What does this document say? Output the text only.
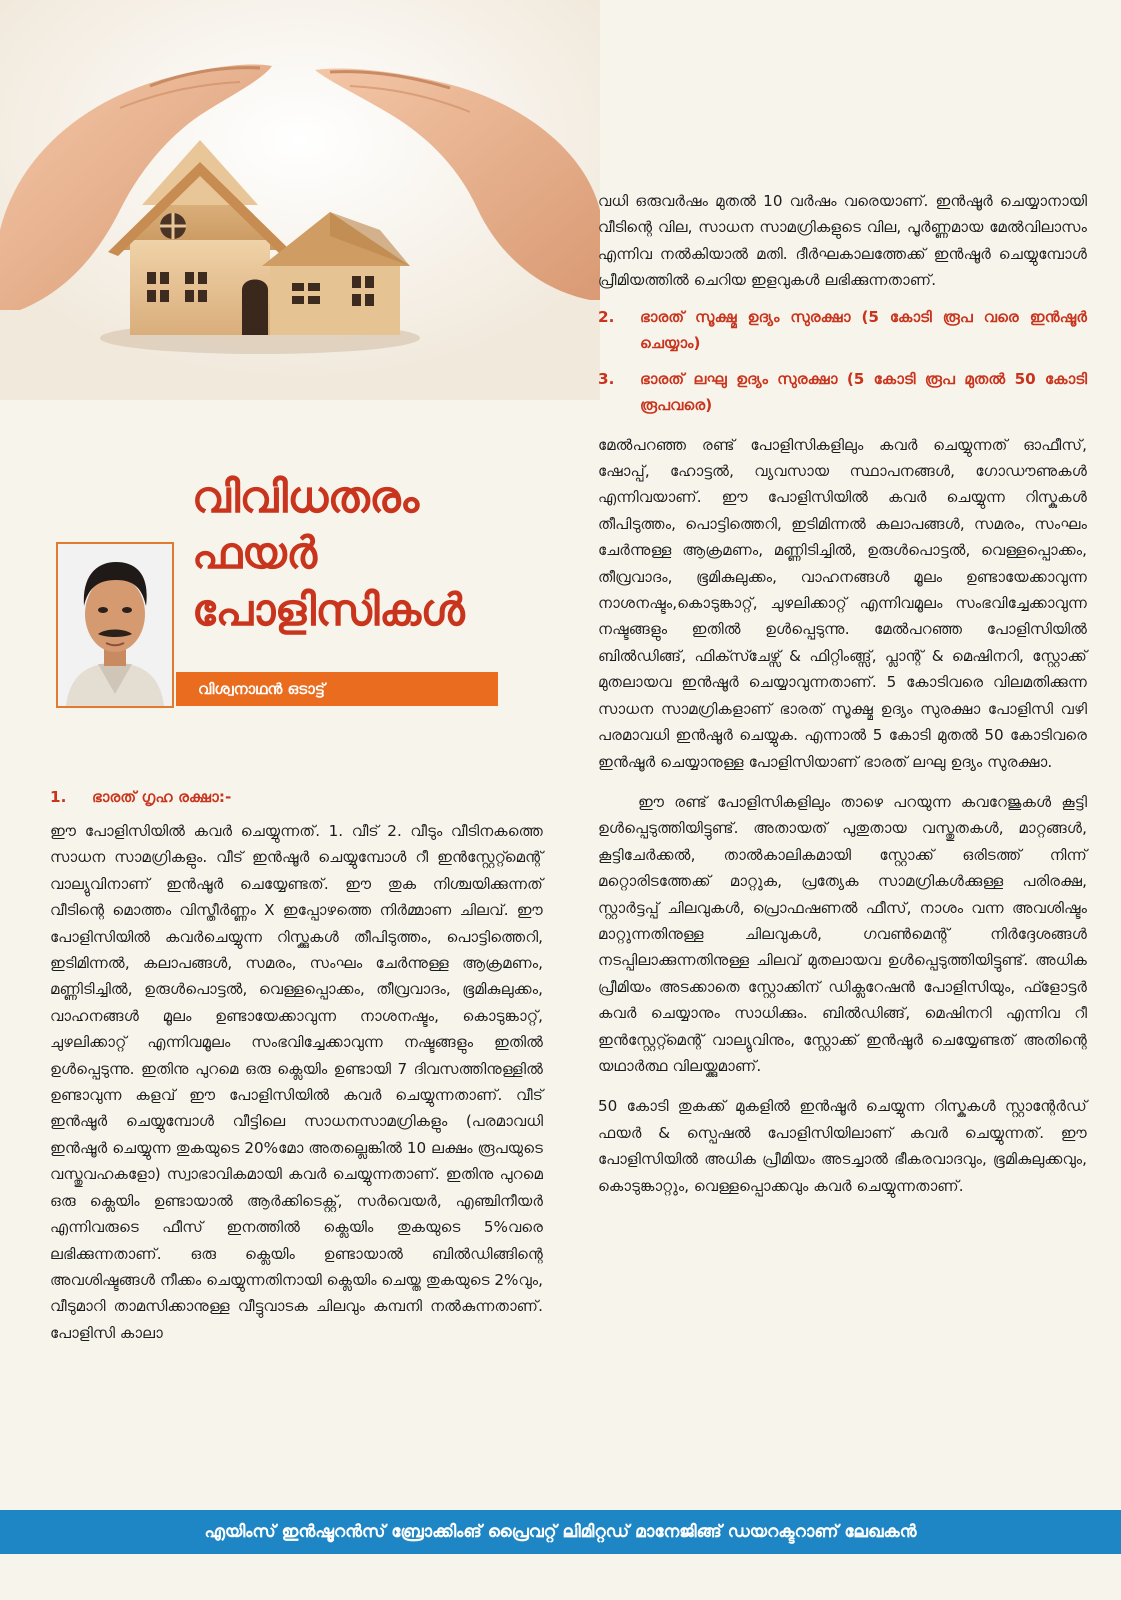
വിവിധതരം
ഫയർ
പോളിസികൾ
വിശ്വനാഥൻ ഒടാട്ട്
1.	ഭാരത് ഗൃഹ രക്ഷാ:-

ഈ പോളിസിയിൽ കവർ ചെയ്യുന്നത്. 1. വീട് 2. വീടും വീടിനകത്തെ സാധന സാമഗ്രികളും. വീട് ഇൻഷൂർ ചെയ്യുമ്പോൾ റീ ഇൻസ്റ്റേറ്റ്മെന്റ് വാല്യുവിനാണ് ഇൻഷൂർ ചെയ്യേണ്ടത്. ഈ തുക നിശ്ചയിക്കുന്നത് വീടിന്റെ മൊത്തം വിസ്തീർണ്ണം X ഇപ്പോഴത്തെ നിർമ്മാണ ചിലവ്. ഈ പോളിസിയിൽ കവർചെയ്യുന്ന റിസ്ക്കുകൾ തീപിടുത്തം, പൊട്ടിത്തെറി, ഇടിമിന്നൽ, കലാപങ്ങൾ, സമരം, സംഘം ചേർന്നുള്ള ആക്രമണം, മണ്ണിടിച്ചിൽ, ഉരുൾപൊട്ടൽ, വെള്ളപ്പൊക്കം, തീവ്രവാദം, ഭൂമികുലുക്കം, വാഹനങ്ങൾ മൂലം ഉണ്ടായേക്കാവുന്ന നാശനഷ്ടം, കൊടുങ്കാറ്റ്, ചുഴലിക്കാറ്റ് എന്നിവമൂലം സംഭവിച്ചേക്കാവുന്ന നഷ്ടങ്ങളും ഇതിൽ ഉൾപ്പെടുന്നു. ഇതിനു പുറമെ ഒരു ക്ലെയിം ഉണ്ടായി 7 ദിവസത്തിനുള്ളിൽ ഉണ്ടാവുന്ന കളവ് ഈ പോളിസിയിൽ കവർ ചെയ്യുന്നതാണ്. വീട് ഇൻഷൂർ ചെയ്യുമ്പോൾ വീട്ടിലെ സാധനസാമഗ്രികളും (പരമാവധി ഇൻഷൂർ ചെയ്യുന്ന തുകയുടെ 20%മോ അതല്ലെങ്കിൽ 10 ലക്ഷം രൂപയുടെ വസ്തുവഹകളോ) സ്വാഭാവികമായി കവർ ചെയ്യുന്നതാണ്. ഇതിനു പുറമെ ഒരു ക്ലെയിം ഉണ്ടായാൽ ആർക്കിടെക്റ്റ്, സർവെയർ, എഞ്ചിനീയർ എന്നിവരുടെ ഫീസ് ഇനത്തിൽ ക്ലെയിം തുകയുടെ 5%വരെ ലഭിക്കുന്നതാണ്. ഒരു ക്ലെയിം ഉണ്ടായാൽ ബിൽഡിങ്ങിന്റെ അവശിഷ്ടങ്ങൾ നീക്കം ചെയ്യുന്നതിനായി ക്ലെയിം ചെയ്ത തുകയുടെ 2%വും, വീടുമാറി താമസിക്കാനുള്ള വീട്ടുവാടക ചിലവും കമ്പനി നൽകുന്നതാണ്. പോളിസി കാലാ

വധി ഒരുവർഷം മുതൽ 10 വർഷം വരെയാണ്. ഇൻഷൂർ ചെയ്യാനായി വീടിന്റെ വില, സാധന സാമഗ്രികളുടെ വില, പൂർണ്ണമായ മേൽവിലാസം എന്നിവ നൽകിയാൽ മതി. ദീർഘകാലത്തേക്ക് ഇൻഷൂർ ചെയ്യുമ്പോൾ പ്രീമിയത്തിൽ ചെറിയ ഇളവുകൾ ലഭിക്കുന്നതാണ്.

2.	ഭാരത് സൂക്ഷ്മ ഉദ്യം സുരക്ഷാ (5 കോടി രൂപ വരെ ഇൻഷൂർ ചെയ്യാം)
3.	ഭാരത് ലഘു ഉദ്യം സുരക്ഷാ (5 കോടി രൂപ മുതൽ 50 കോടി രൂപവരെ)

മേൽപറഞ്ഞ രണ്ട് പോളിസികളിലും കവർ ചെയ്യുന്നത് ഓഫീസ്, ഷോപ്പ്, ഹോട്ടൽ, വ്യവസായ സ്ഥാപനങ്ങൾ, ഗോഡൗണുകൾ എന്നിവയാണ്. ഈ പോളിസിയിൽ കവർ ചെയ്യുന്ന റിസ്കുകൾ തീപിടുത്തം, പൊട്ടിത്തെറി, ഇടിമിന്നൽ കലാപങ്ങൾ, സമരം, സംഘം ചേർന്നുള്ള ആക്രമണം, മണ്ണിടിച്ചിൽ, ഉരുൾപൊട്ടൽ, വെള്ളപ്പൊക്കം, തീവ്രവാദം, ഭൂമികുലുക്കം, വാഹനങ്ങൾ മൂലം ഉണ്ടായേക്കാവുന്ന നാശനഷ്ടം,കൊടുങ്കാറ്റ്, ചുഴലിക്കാറ്റ് എന്നിവമൂലം സംഭവിച്ചേക്കാവുന്ന നഷ്ടങ്ങളും ഇതിൽ ഉൾപ്പെടുന്നു. മേൽപറഞ്ഞ പോളിസിയിൽ ബിൽഡിങ്ങ്, ഫിക്സ്ചേഴ്സ് & ഫിറ്റിംങ്ങ്സ്, പ്ലാന്റ് & മെഷിനറി, സ്റ്റോക്ക് മുതലായവ ഇൻഷൂർ ചെയ്യാവുന്നതാണ്. 5 കോടിവരെ വിലമതിക്കുന്ന സാധന സാമഗ്രികളാണ് ഭാരത് സൂക്ഷ്മ ഉദ്യം സുരക്ഷാ പോളിസി വഴി പരമാവധി ഇൻഷൂർ ചെയ്യുക. എന്നാൽ 5 കോടി മുതൽ 50 കോടിവരെ ഇൻഷൂർ ചെയ്യാനുള്ള പോളിസിയാണ് ഭാരത് ലഘു ഉദ്യം സുരക്ഷാ.

ഈ രണ്ട് പോളിസികളിലും താഴെ പറയുന്ന കവറേജുകൾ കൂട്ടി ഉൾപ്പെടുത്തിയിട്ടുണ്ട്. അതായത് പുതുതായ വസ്തുതകൾ, മാറ്റങ്ങൾ, കൂട്ടിചേർക്കൽ, താൽകാലികമായി സ്റ്റോക്ക് ഒരിടത്ത് നിന്ന് മറ്റൊരിടത്തേക്ക് മാറ്റുക, പ്രത്യേക സാമഗ്രികൾക്കുള്ള പരിരക്ഷ, സ്റ്റാർട്ടപ്പ് ചിലവുകൾ, പ്രൊഫഷണൽ ഫീസ്, നാശം വന്ന അവശിഷ്ടം മാറ്റുന്നതിനുള്ള ചിലവുകൾ, ഗവൺമെന്റ് നിർദ്ദേശങ്ങൾ നടപ്പിലാക്കുന്നതിനുള്ള ചിലവ് മുതലായവ ഉൾപ്പെടുത്തിയിട്ടുണ്ട്. അധിക പ്രീമിയം അടക്കാതെ സ്റ്റോക്കിന് ഡിക്ലറേഷൻ പോളിസിയും, ഫ്ളോട്ടർ കവർ ചെയ്യാനും സാധിക്കും. ബിൽഡിങ്ങ്, മെഷിനറി എന്നിവ റീ ഇൻസ്റ്റേറ്റ്മെന്റ് വാല്യുവിനും, സ്റ്റോക്ക് ഇൻഷൂർ ചെയ്യേണ്ടത് അതിന്റെ യഥാർത്ഥ വിലയ്ക്കുമാണ്.

50 കോടി തുകക്ക് മുകളിൽ ഇൻഷൂർ ചെയ്യുന്ന റിസ്കുകൾ സ്റ്റാന്റേർഡ് ഫയർ & സ്പെഷൽ പോളിസിയിലാണ് കവർ ചെയ്യുന്നത്. ഈ പോളിസിയിൽ അധിക പ്രീമിയം അടച്ചാൽ ഭീകരവാദവും, ഭൂമികുലുക്കവും, കൊടുങ്കാറ്റും, വെള്ളപ്പൊക്കവും കവർ ചെയ്യുന്നതാണ്.

എയിംസ് ഇൻഷൂറൻസ് ബ്രോക്കിംങ് പ്രൈവറ്റ് ലിമിറ്റഡ് മാനേജിങ്ങ് ഡയറക്ടറാണ് ലേഖകൻ
